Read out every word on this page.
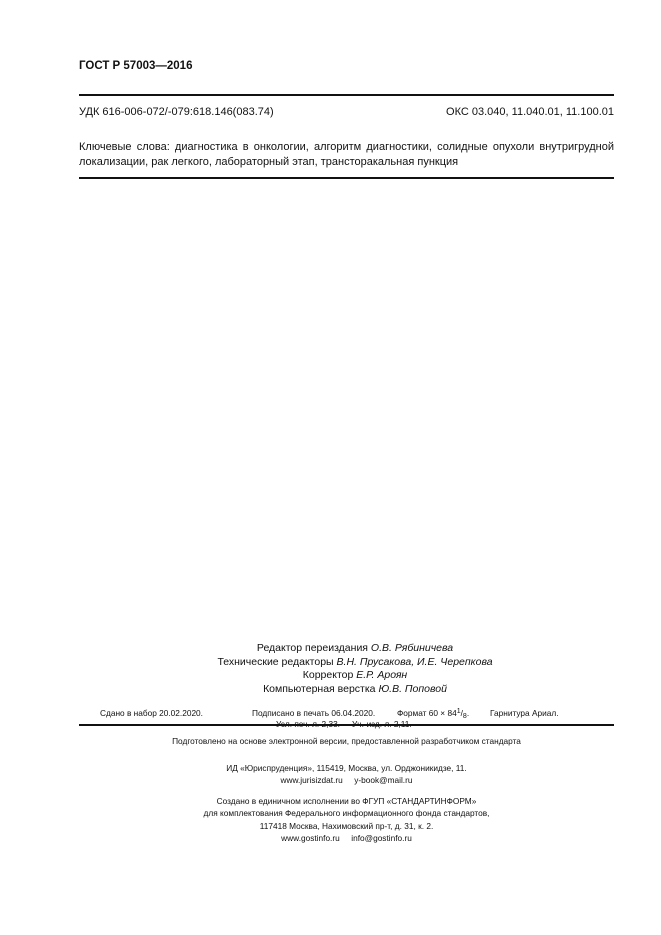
ГОСТ Р 57003—2016
УДК 616-006-072/-079:618.146(083.74)	ОКС 03.040, 11.040.01, 11.100.01
Ключевые слова: диагностика в онкологии, алгоритм диагностики, солидные опухоли внутригрудной
локализации, рак легкого, лабораторный этап, трансторакальная пункция
Редактор переиздания О.В. Рябиничева
Технические редакторы В.Н. Прусакова, И.Е. Черепкова
Корректор Е.Р. Ароян
Компьютерная верстка Ю.В. Поповой
Сдано в набор 20.02.2020.	Подписано в печать 06.04.2020.	Формат $60 \times 84^1/_8$.	Гарнитура Ариал.
Подготовлено на основе электронной версии, предоставленной разработчиком стандарта
ИД «Юриспруденция», 115419, Москва, ул. Орджоникидзе, 11.
www.jurisizdat.ru y-book@mail.ru
Создано в единичном исполнении во ФГУП «СТАНДАРТИНФОРМ»
для комплектования Федерального информационного фонда стандартов,
117418 Москва, Нахимовский пр-т, д. 31, к. 2.
www.gostinfo.ru info@gostinfo.ru
